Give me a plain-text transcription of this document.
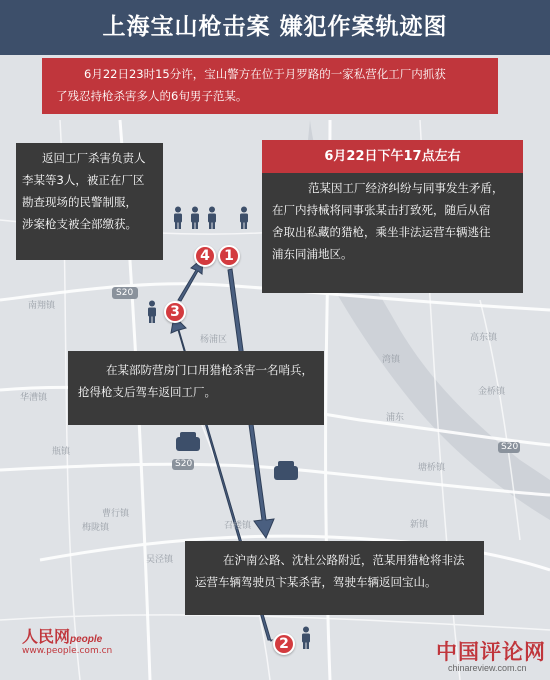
S20
S20
南翔镇
杨浦区
湾镇
金桥镇
浦东
S20
塘桥镇
召楼镇
瓶镇
吴泾镇
新镇
高东镇
曹行镇
华漕镇
梅陇镇
上海宝山枪击案 嫌犯作案轨迹图
6月22日23时15分许，宝山警方在位于月罗路的一家私营化工厂内抓获
了残忍持枪杀害多人的6旬男子范某。
返回工厂杀害负责人
李某等3人，被正在厂区
勘查现场的民警制服，
涉案枪支被全部缴获。
6月22日下午17点左右
范某因工厂经济纠纷与同事发生矛盾，
在厂内持械将同事张某击打致死，随后从宿
舍取出私藏的猎枪，乘坐非法运营车辆逃往
浦东同浦地区。
在某部防营房门口用猎枪杀害一名哨兵，
抢得枪支后驾车返回工厂。
在沪南公路、沈杜公路附近，范某用猎枪将非法
运营车辆驾驶员卞某杀害，驾驶车辆返回宝山。
4	1
3
2
人民网people
www.people.com.cn	中国评论网
chinareview.com.cn
